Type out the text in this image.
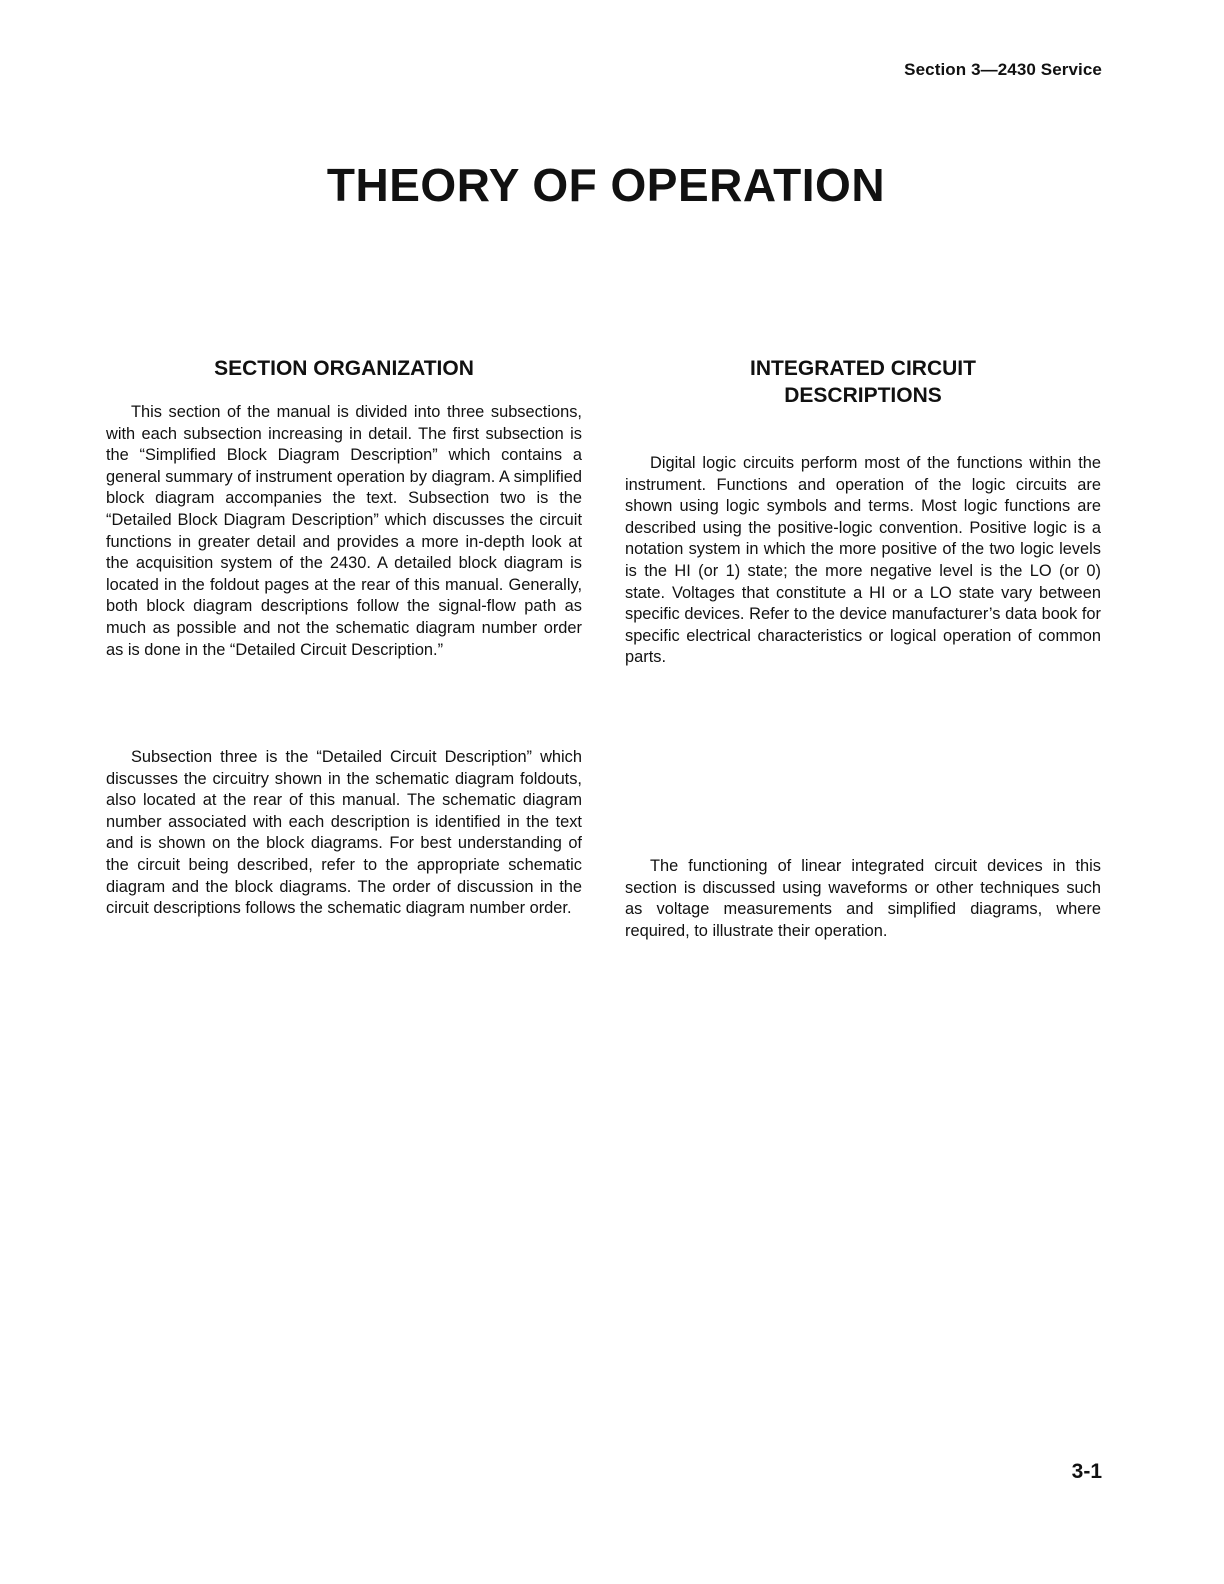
Section 3—2430 Service
THEORY OF OPERATION
SECTION ORGANIZATION

This section of the manual is divided into three subsections, with each subsection increasing in detail. The first subsection is the “Simplified Block Diagram Description” which contains a general summary of instrument operation by diagram. A simplified block diagram accompanies the text. Subsection two is the “Detailed Block Diagram Description” which discusses the circuit functions in greater detail and provides a more in-depth look at the acquisition system of the 2430. A detailed block diagram is located in the foldout pages at the rear of this manual. Generally, both block diagram descriptions follow the signal-flow path as much as possible and not the schematic diagram number order as is done in the “Detailed Circuit Description.”

Subsection three is the “Detailed Circuit Description” which discusses the circuitry shown in the schematic diagram foldouts, also located at the rear of this manual. The schematic diagram number associated with each description is identified in the text and is shown on the block diagrams. For best understanding of the circuit being described, refer to the appropriate schematic diagram and the block diagrams. The order of discussion in the circuit descriptions follows the schematic diagram number order.

INTEGRATED CIRCUIT
DESCRIPTIONS

Digital logic circuits perform most of the functions within the instrument. Functions and operation of the logic circuits are shown using logic symbols and terms. Most logic functions are described using the positive-logic convention. Positive logic is a notation system in which the more positive of the two logic levels is the HI (or 1) state; the more negative level is the LO (or 0) state. Voltages that constitute a HI or a LO state vary between specific devices. Refer to the device manufacturer’s data book for specific electrical characteristics or logical operation of common parts.

The functioning of linear integrated circuit devices in this section is discussed using waveforms or other techniques such as voltage measurements and simplified diagrams, where required, to illustrate their operation.

3-1
